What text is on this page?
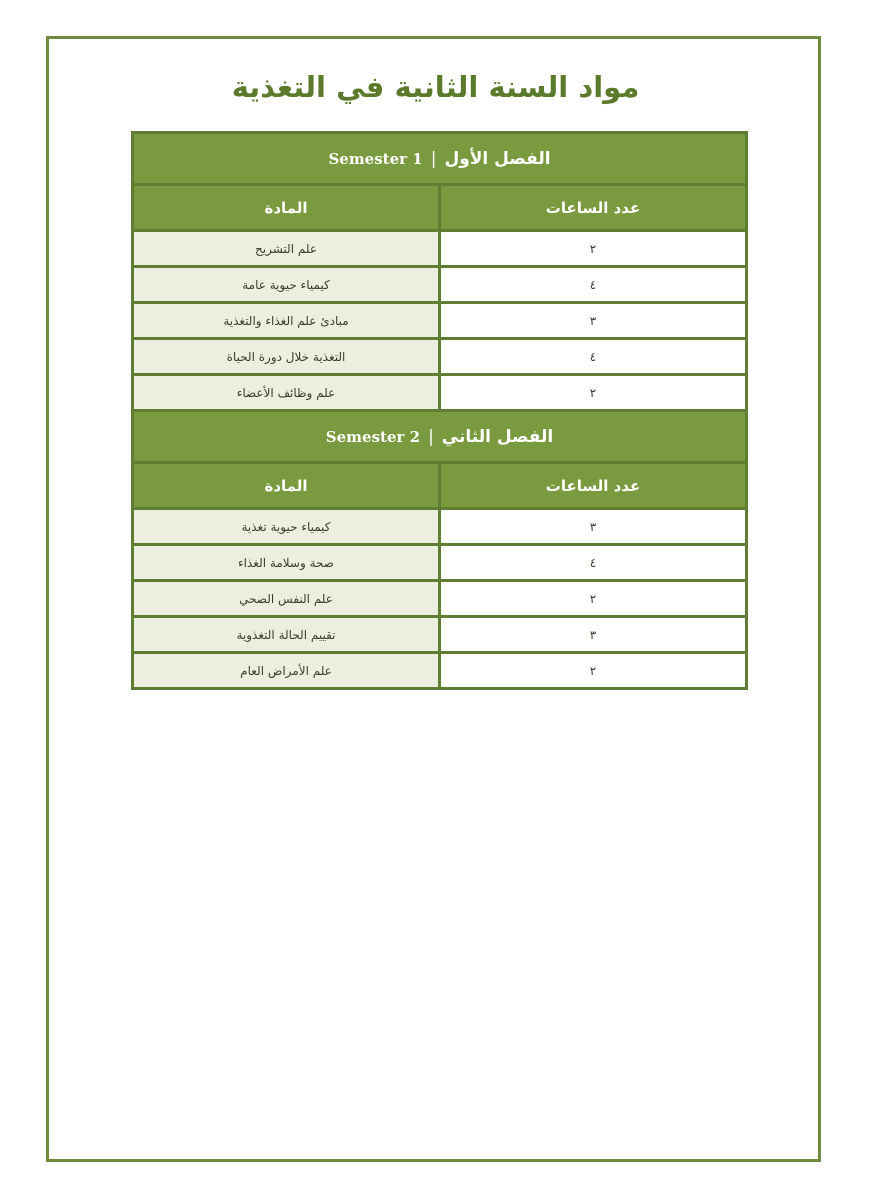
مواد السنة الثانية في التغذية
الفصل الأول|Semester 1	
عدد الساعات	المادة
٢	علم التشريح
٤	كيمياء حيوية عامة
٣	مبادئ علم الغذاء والتغذية
٤	التغذية خلال دورة الحياة
٢	علم وظائف الأعضاء
الفصل الثاني|Semester 2	
عدد الساعات	المادة
٣	كيمياء حيوية تغذية
٤	صحة وسلامة الغذاء
٢	علم النفس الصحي
٣	تقييم الحالة التغذوية
٢	علم الأمراض العام
